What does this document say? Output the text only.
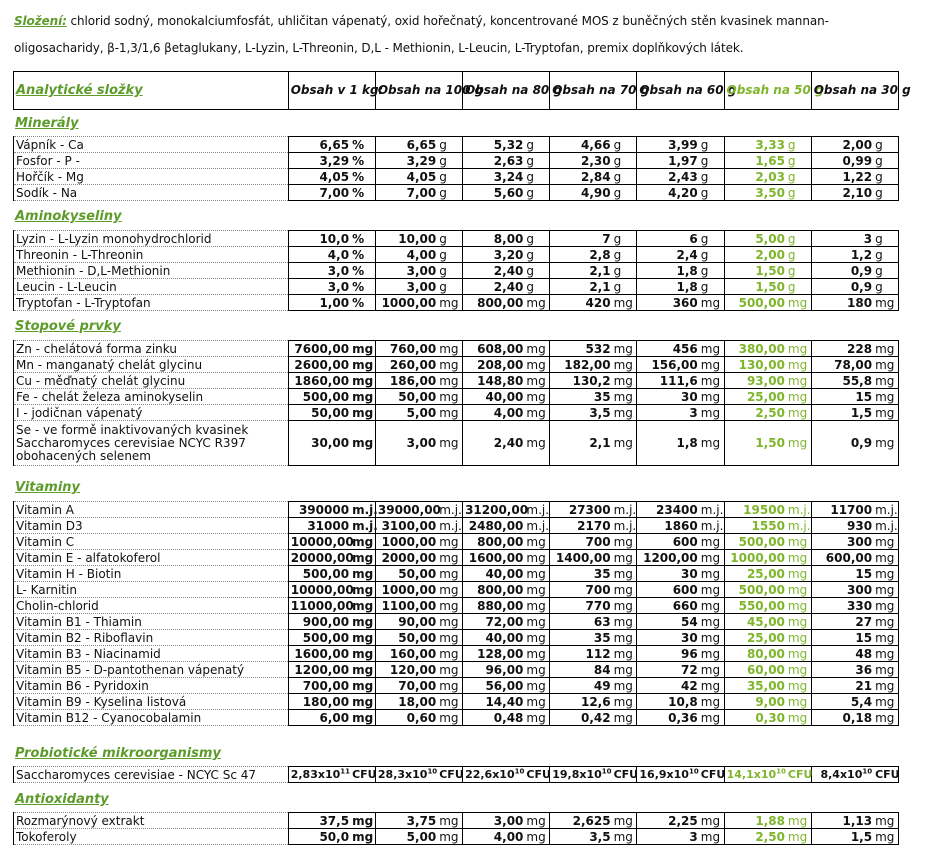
Složení: chlorid sodný, monokalciumfosfát, uhličitan vápenatý, oxid hořečnatý, koncentrované MOS z buněčných stěn kvasinek mannan-oligosacharidy, β-1,3/1,6 βetaglukany, L-Lyzin, L-Threonin, D,L - Methionin, L-Leucin, L-Tryptofan, premix doplňkových látek.
Analytické složky	Obsah v 1 kg:	Obsah na 100 g	Obsah na 80 g	Obsah na 70 g	Obsah na 60 g	Obsah na 50 g	Obsah na 30 g
Minerály
Vápník - Ca	6,65	%	6,65	g	5,32	g	4,66	g	3,99	g	3,33	g	2,00	g
Fosfor - P -	3,29	%	3,29	g	2,63	g	2,30	g	1,97	g	1,65	g	0,99	g
Hořčík - Mg	4,05	%	4,05	g	3,24	g	2,84	g	2,43	g	2,03	g	1,22	g
Sodík - Na	7,00	%	7,00	g	5,60	g	4,90	g	4,20	g	3,50	g	2,10	g
Aminokyseliny
Lyzin - L-Lyzin monohydrochlorid	10,0	%	10,00	g	8,00	g	7	g	6	g	5,00	g	3	g
Threonin - L-Threonin	4,0	%	4,00	g	3,20	g	2,8	g	2,4	g	2,00	g	1,2	g
Methionin - D,L-Methionin	3,0	%	3,00	g	2,40	g	2,1	g	1,8	g	1,50	g	0,9	g
Leucin - L-Leucin	3,0	%	3,00	g	2,40	g	2,1	g	1,8	g	1,50	g	0,9	g
Tryptofan - L-Tryptofan	1,00	%	1000,00	mg	800,00	mg	420	mg	360	mg	500,00	mg	180	mg
Stopové prvky
Zn - chelátová forma zinku	7600,00	mg	760,00	mg	608,00	mg	532	mg	456	mg	380,00	mg	228	mg
Mn - manganatý chelát glycinu	2600,00	mg	260,00	mg	208,00	mg	182,00	mg	156,00	mg	130,00	mg	78,00	mg
Cu - měďnatý chelát glycinu	1860,00	mg	186,00	mg	148,80	mg	130,2	mg	111,6	mg	93,00	mg	55,8	mg
Fe - chelát železa aminokyselin	500,00	mg	50,00	mg	40,00	mg	35	mg	30	mg	25,00	mg	15	mg
I - jodičnan vápenatý	50,00	mg	5,00	mg	4,00	mg	3,5	mg	3	mg	2,50	mg	1,5	mg
Se - ve formě inaktivovaných kvasinek Saccharomyces cerevisiae NCYC R397 obohacených selenem	30,00	mg	3,00	mg	2,40	mg	2,1	mg	1,8	mg	1,50	mg	0,9	mg
Vitaminy
Vitamin A	390000	m.j.	39000,00	m.j.	31200,00	m.j.	27300	m.j.	23400	m.j.	19500	m.j.	11700	m.j.
Vitamin D3	31000	m.j.	3100,00	m.j.	2480,00	m.j.	2170	m.j.	1860	m.j.	1550	m.j.	930	m.j.
Vitamin C	10000,00	mg	1000,00	mg	800,00	mg	700	mg	600	mg	500,00	mg	300	mg
Vitamin E - alfatokoferol	20000,00	mg	2000,00	mg	1600,00	mg	1400,00	mg	1200,00	mg	1000,00	mg	600,00	mg
Vitamin H - Biotin	500,00	mg	50,00	mg	40,00	mg	35	mg	30	mg	25,00	mg	15	mg
L- Karnitin	10000,00	mg	1000,00	mg	800,00	mg	700	mg	600	mg	500,00	mg	300	mg
Cholin-chlorid	11000,00	mg	1100,00	mg	880,00	mg	770	mg	660	mg	550,00	mg	330	mg
Vitamin B1 - Thiamin	900,00	mg	90,00	mg	72,00	mg	63	mg	54	mg	45,00	mg	27	mg
Vitamin B2 - Riboflavin	500,00	mg	50,00	mg	40,00	mg	35	mg	30	mg	25,00	mg	15	mg
Vitamin B3 - Niacinamid	1600,00	mg	160,00	mg	128,00	mg	112	mg	96	mg	80,00	mg	48	mg
Vitamin B5 - D-pantothenan vápenatý	1200,00	mg	120,00	mg	96,00	mg	84	mg	72	mg	60,00	mg	36	mg
Vitamin B6 - Pyridoxin	700,00	mg	70,00	mg	56,00	mg	49	mg	42	mg	35,00	mg	21	mg
Vitamin B9 - Kyselina listová	180,00	mg	18,00	mg	14,40	mg	12,6	mg	10,8	mg	9,00	mg	5,4	mg
Vitamin B12 - Cyanocobalamin	6,00	mg	0,60	mg	0,48	mg	0,42	mg	0,36	mg	0,30	mg	0,18	mg
Probiotické mikroorganismy
Saccharomyces cerevisiae - NCYC Sc 47	$2,83x10^{11}$	CFU	$28,3x10^{10}$	CFU	$22,6x10^{10}$	CFU	$19,8x10^{10}$	CFU	$16,9x10^{10}$	CFU	$14,1x10^{10}$	CFU	$8,4x10^{10}$	CFU
Antioxidanty
Rozmarýnový extrakt	37,5	mg	3,75	mg	3,00	mg	2,625	mg	2,25	mg	1,88	mg	1,13	mg
Tokoferoly	50,0	mg	5,00	mg	4,00	mg	3,5	mg	3	mg	2,50	mg	1,5	mg
